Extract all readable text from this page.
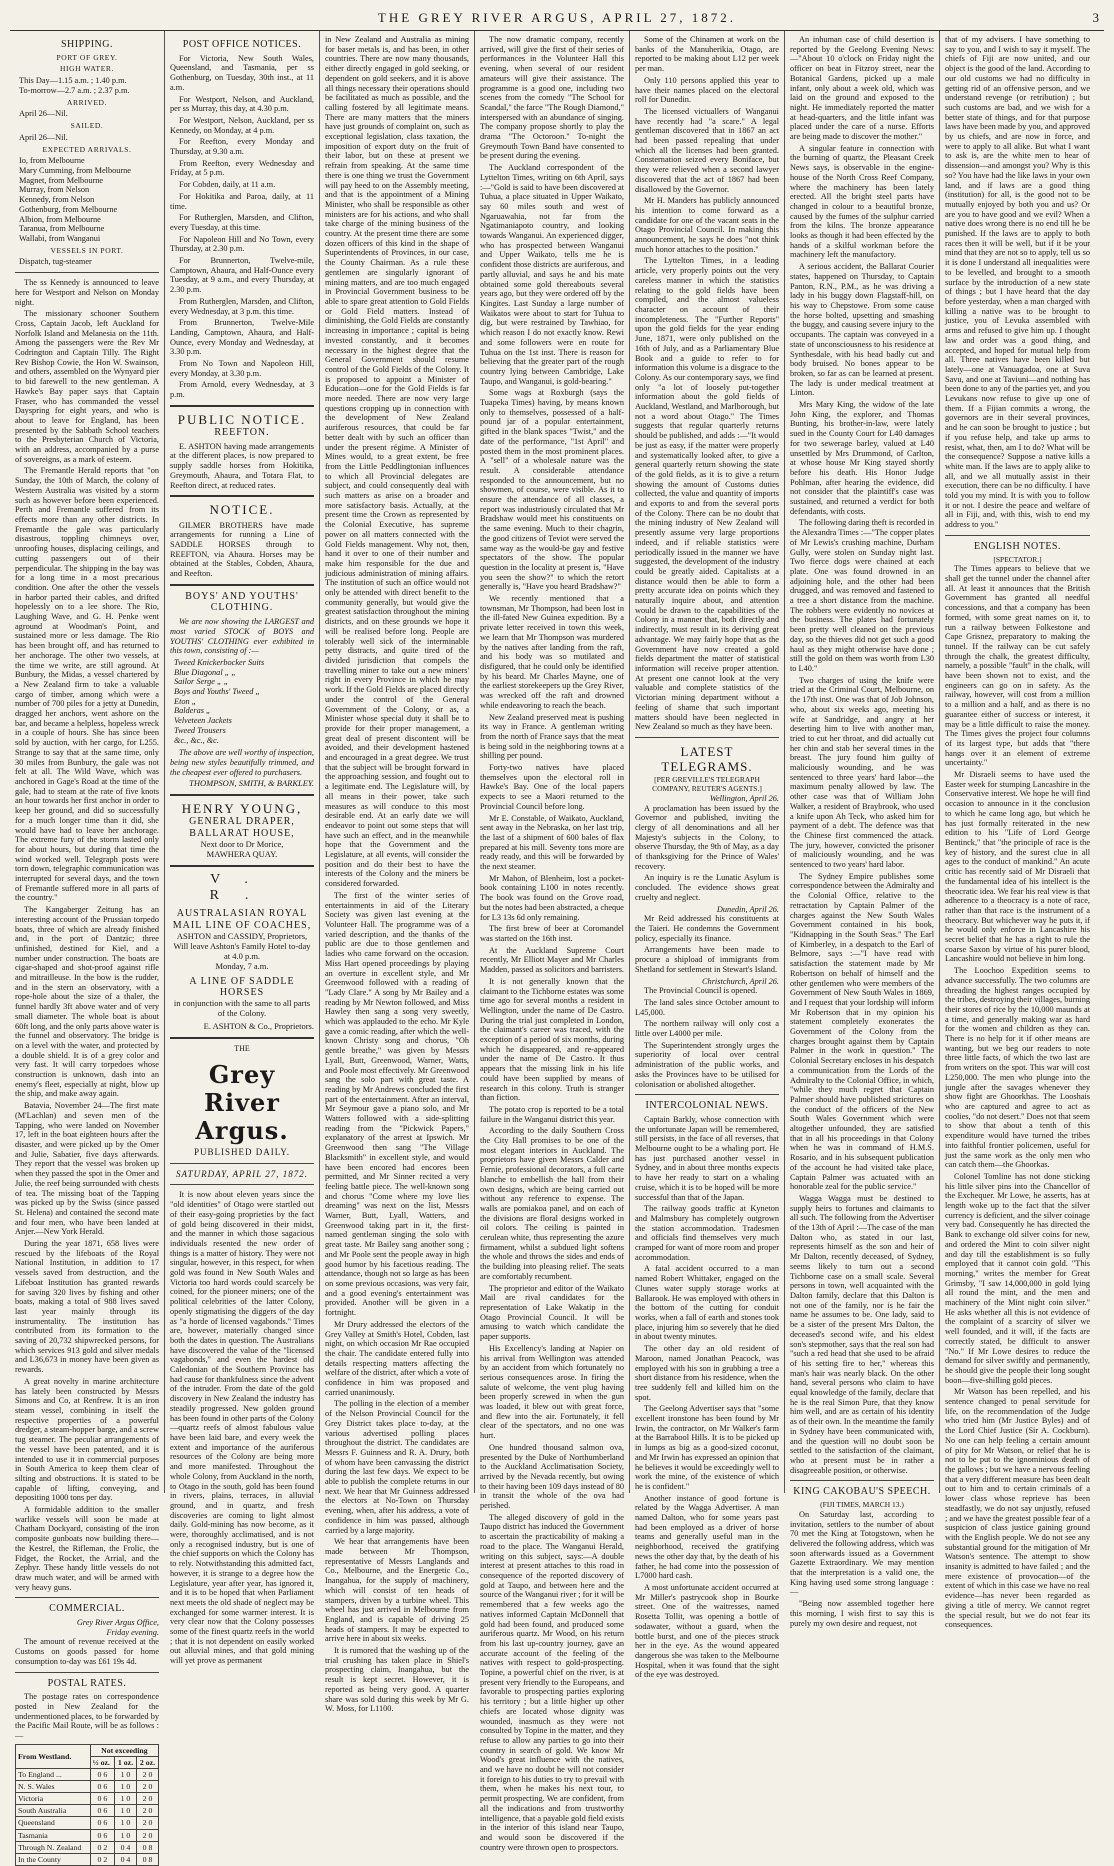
THE GREY RIVER ARGUS, APRIL 27, 1872.	3
SHIPPING.
PORT OF GREY.
HIGH WATER.
This Day—1.15 a.m. ; 1.40 p.m.
To-morrow—2.7 a.m. ; 2.37 p.m.
ARRIVED.
April 26—Nil.
SAILED.
April 26—Nil.
EXPECTED ARRIVALS.
Io, from Melbourne
Mary Cumming, from Melbourne
Magnet, from Melbourne
Murray, from Nelson
Kennedy, from Nelson
Gothenburg, from Melbourne
Albion, from Melbourne
Taranua, from Melbourne
Wallabi, from Wanganui
VESSELS IN PORT.
Dispatch, tug-steamer

The ss Kennedy is announced to leave here for Westport and Nelson on Monday night.

The missionary schooner Southern Cross, Captain Jacob, left Auckland for Norfolk Island and Melanesia on the 11th. Among the passengers were the Rev Mr Codrington and Captain Tilly. The Right Rev Bishop Cowie, the Hon W. Swainson, and others, assembled on the Wynyard pier to bid farewell to the new gentleman. A Hawke's Bay paper says that Captain Fraser, who has commanded the vessel Dayspring for eight years, and who is about to leave for England, has been presented by the Sabbath School teachers to the Presbyterian Church of Victoria, with an address, accompanied by a purse of sovereigns, as a mark of esteem.

The Fremantle Herald reports that "on Sunday, the 10th of March, the colony of Western Australia was visited by a storm such as however before been experienced. Perth and Fremantle suffered from its effects more than any other districts. In Fremantle the gale was particularly disastrous, toppling chimneys over, unroofing houses, displacing ceilings, and cutting passengers out of their perpendicular. The shipping in the bay was for a long time in a most precarious condition. One after the other the vessels in harbor parted their cables, and drifted hopelessly on to a lee shore. The Rio, Laughing Wave, and G. H. Penke went aground at Woodman's Point, and sustained more or less damage. The Rio has been brought off, and has returned to her anchorage. The other two vessels, at the time we write, are still aground. At Bunbury, the Midas, a vessel chartered by a New Zealand firm to take a valuable cargo of timber, among which were a number of 700 piles for a jetty at Dunedin, dragged her anchors, went ashore on the bar, and became a helpless, hopeless wreck in a couple of hours. She has since been sold by auction, with her cargo, for L255. Strange to say that at the same time, only 30 miles from Bunbury, the gale was not felt at all. The Wild Wave, which was anchored in Gage's Road at the time of the gale, had to steam at the rate of five knots an hour towards her first anchor in order to keep her ground, and did so successfully for a much longer time than it did, she would have had to leave her anchorage. The extreme fury of the storm lasted only for about hours, but during that time the wind worked well. Telegraph posts were torn down, telegraphic communication was interrupted for several days, and the town of Fremantle suffered more in all parts of the country."

The Kangaberger Zeitung has an interesting account of the Prussian torpedo boats, three of which are already finished and, in the port of Dantzic; three unfinished, destined for Kiel, and a number under construction. The boats are cigar-shaped and shot-proof against rifle and mitrailleuse. In the bow is the rudder, and in the stern an observatory, with a rope-hole about the size of a thaler, the funnel hardly 3ft above water and of very small diameter. The whole boat is about 60ft long, and the only parts above water is the funnel and observatory. The bridge is on a level with the water, and protected by a double shield. It is of a grey color and very fast. It will carry torpedoes whose construction is unknown, dash into an enemy's fleet, especially at night, blow up the ship, and make away again.

Batavia, November 24—The first mate (M'Lachlan) and seven men of the Tapping, who were landed on November 17, left in the boat eighteen hours after the disaster, and were picked up by the Omer and Julie, Sabatier, five days afterwards. They report that the vessel was broken up when they passed the spot in the Omer and Julie, the reef being surrounded with chests of tea. The missing boat of the Tapping was picked up by the Swiss (since passed St. Helena) and contained the second mate and four men, who have been landed at Anjer.—New York Herald.

During the year 1871, 658 lives were rescued by the lifeboats of the Royal National Institution, in addition to 17 vessels saved from destruction, and the Lifeboat Institution has granted rewards for saving 320 lives by fishing and other boats, making a total of 988 lives saved last year mainly through its instrumentality. The institution has contributed from its formation to the saving of 20,732 shipwrecked persons, for which services 913 gold and silver medals and L36,673 in money have been given as rewards.

A great novelty in marine architecture has lately been constructed by Messrs Simons and Co, at Renfrew. It is an iron steam vessel, combining in itself the respective properties of a powerful dredger, a steam-hopper barge, and a screw tug steamer. The peculiar arrangements of the vessel have been patented, and it is intended to use it in commercial purposes in South America to keep them clear of silting and obstructions. It is stated to be capable of lifting, conveying, and depositing 1000 tons per day.

A formidable addition to the smaller warlike vessels will soon be made at Chatham Dockyard, consisting of the iron composite gunboats now building there—the Kestrel, the Rifleman, the Frolic, the Fidget, the Rocket, the Arrial, and the Zephyr. These handy little vessels do not draw much water, and will be armed with very heavy guns.

COMMERCIAL.
Grey River Argus Office,
Friday evening.

The amount of revenue received at the Customs on goods passed for home consumption to-day was £61 19s 4d.

POSTAL RATES.

The postage rates on correspondence posted in New Zealand for the undermentioned places, to be forwarded by the Pacific Mail Route, will be as follows :—

From Westland.	Not exceeding		
	½ oz.	1 oz.	2 oz.
To England ...	0 6	1 0	2 0
N. S. Wales	0 6	1 0	2 0
Victoria	0 6	1 0	2 0
South Australia	0 6	1 0	2 0
Queensland	0 6	1 0	2 0
Tasmania	0 6	1 0	2 0
Through N. Zealand	0 2	0 4	0 8
In the County	0 2	0 4	0 8
POST OFFICE NOTICES.

For Victoria, New South Wales, Queensland, and Tasmania, per ss Gothenburg, on Tuesday, 30th inst., at 11 a.m.

For Westport, Nelson, and Auckland, per ss Murray, this day, at 4.30 p.m.

For Westport, Nelson, Auckland, per ss Kennedy, on Monday, at 4 p.m.

For Reefton, every Monday and Thursday, at 9.30 a.m.

From Reefton, every Wednesday and Friday, at 5 p.m.

For Cobden, daily, at 11 a.m.

For Hokitika and Paroa, daily, at 11 time.

For Rutherglen, Marsden, and Clifton, every Tuesday, at this time.

For Napoleon Hill and No Town, every Thursday, at 2.30 p.m.

For Brunnerton, Twelve-mile, Camptown, Ahaura, and Half-Ounce every Tuesday, at 9 a.m., and every Thursday, at 2.30 p.m.

From Rutherglen, Marsden, and Clifton, every Wednesday, at 3 p.m. this time.

From Brunnerton, Twelve-Mile Landing, Camptown, Ahaura, and Half-Ounce, every Monday and Wednesday, at 3.30 p.m.

From No Town and Napoleon Hill, every Monday, at 3.30 p.m.

From Arnold, every Wednesday, at 3 p.m.

PUBLIC NOTICE.
REEFTON.

E. ASHTON having made arrangements at the different places, is now prepared to supply saddle horses from Hokitika, Greymouth, Ahaura, and Totara Flat, to Reefton direct, at reduced rates.

NOTICE.

GILMER BROTHERS have made arrangements for running a Line of SADDLE HORSES through to REEFTON, via Ahaura. Horses may be obtained at the Stables, Cobden, Ahaura, and Reefton.

BOYS' AND YOUTHS' CLOTHING.

We are now showing the LARGEST and most varied STOCK of BOYS and YOUTHS' CLOTHING ever exhibited in this town, consisting of :—

Tweed Knickerbocker Suits
Blue Diagonal „ „
Sailor Serge „ „
Boys and Youths' Tweed „
Eton „
Balderas „
Velveteen Jackets
Tweed Trousers
&c., &c., &c.

The above are well worthy of inspection, being new styles beautifully trimmed, and the cheapest ever offered to purchasers.

THOMPSON, SMITH, & BARKLEY.
HENRY YOUNG,
GENERAL DRAPER,
BALLARAT HOUSE,
Next door to Dr Morice,
MAWHERA QUAY.
V. R.
AUSTRALASIAN ROYAL MAIL LINE OF COACHES,
ASHTON and CASSIDY, Proprietors,
Will leave Ashton's Family Hotel to-day at 4.0 p.m.
Monday, 7 a.m.
A LINE OF SADDLE HORSES
in conjunction with the same to all parts of the Colony.
E. ASHTON & Co., Proprietors.
THE
Grey River Argus.
PUBLISHED DAILY.
SATURDAY, APRIL 27, 1872.

It is now about eleven years since the "old identities" of Otago were startled out of their easy-going proprieties by the fact of gold being discovered in their midst, and the manner in which those sagacious individuals resented the new order of things is a matter of history. They were not singular, however, in this respect, for when gold was found in New South Wales and Victoria too hard words could scarcely be coined, for the pioneer miners; one of the political celebrities of the latter Colony, openly stigmatising the diggers of the day as "a horde of licensed vagabonds." Times are, however, materially changed since both the dates in question. The Australians have discovered the value of the "licensed vagabonds," and even the hardest old Caledonian of the Southern Province has had cause for thankfulness since the advent of the intruder. From the date of the gold discovery in New Zealand the industry has steadily progressed. New golden ground has been found in other parts of the Colony—quartz reefs of almost fabulous value have been laid bare, and every week the extent and importance of the auriferous resources of the Colony are being more and more manifested. Throughout the whole Colony, from Auckland in the north, to Otago in the south, gold has been found in rivers, plains, terraces, in alluvial ground, and in quartz, and fresh discoveries are coming to light almost daily. Gold-mining has now become, as it were, thoroughly acclimatised, and is not only a recognised industry, but is one of the chief supports on which the Colony has to rely. Notwithstanding this admitted fact, however, it is strange to a degree how the Legislature, year after year, has ignored it, and it is to be hoped that when Parliament next meets the old shade of neglect may be exchanged for some warmer interest. It is very clear now that the Colony possesses some of the finest quartz reefs in the world ; that it is not dependent on easily worked out alluvial mines, and that gold mining will yet prove as permanent

in New Zealand and Australia as mining for baser metals is, and has been, in other countries. There are now many thousands, either directly engaged in gold seeking, or dependent on gold seekers, and it is above all things necessary their operations should be facilitated as much as possible, and the calling fostered by all legitimate means. There are many matters that the miners have just grounds of complaint on, such as exceptional legislation, class taxation, the imposition of export duty on the fruit of their labor, but on these at present we refrain from speaking. At the same time there is one thing we trust the Government will pay heed to on the Assembly meeting, and that is the appointment of a Mining Minister, who shall be responsible as other ministers are for his actions, and who shall take charge of the mining business of the country. At the present time there are some dozen officers of this kind in the shape of Superintendents of Provinces, in our case, the County Chairman. As a rule these gentlemen are singularly ignorant of mining matters, and are too much engaged in Provincial Government business to be able to spare great attention to Gold Fields or Gold Field matters. Instead of diminishing, the Gold Fields are constantly increasing in importance ; capital is being invested constantly, and it becomes necessary in the highest degree that the General Government should resume control of the Gold Fields of the Colony. It is proposed to appoint a Minister of Education—one for the Gold Fields is far more needed. There are now very large questions cropping up in connection with the development of New Zealand auriferous resources, that could be far better dealt with by such an officer than under the present régime. A Minister of Mines would, to a great extent, be free from the Little Peddlingtonian influences to which all Provincial delegates are subject, and could consequently deal with such matters as arise on a broader and more satisfactory basis. Actually, at the present time the Crown as represented by the Colonial Executive, has supreme power on all matters connected with the Gold Fields management. Why not, then, hand it over to one of their number and make him responsible for the due and judicious administration of mining affairs. The institution of such an office would not only be attended with direct benefit to the community generally, but would give the greatest satisfaction throughout the mining districts, and on these grounds we hope it will be realised before long. People are tolerably well sick of the interminable petty distracts, and quite tired of the divided jurisdiction that compels the travelling miner to take out a new miners' right in every Province in which he may work. If the Gold Fields are placed directly under the control of the General Government of the Colony, or as, a Minister whose special duty it shall be to provide for their proper management, a great deal of present discontent will be avoided, and their development hastened and encouraged in a great degree. We trust that the subject will be brought forward in the approaching session, and fought out to a legitimate end. The Legislature will, by all means in their power, take such measures as will conduce to this most desirable end. At an early date we will endeavor to point out some steps that will have such an effect, and in the meanwhile hope that the Government and the Legislature, at all events, will consider the position and do their best to have the interests of the Colony and the miners be considered forwarded.

The first of the winter series of entertainments in aid of the Literary Society was given last evening at the Volunteer Hall. The programme was of a varied description, and the thanks of the public are due to those gentlemen and ladies who came forward on the occasion. Miss Hart opened proceedings by playing an overture in excellent style, and Mr Greenwood followed with a reading of "Lady Clare." A song by Mr Bailey and a reading by Mr Newton followed, and Miss Hawley then sang a song very sweetly, which was applauded to the echo. Mr Kyle gave a comic reading, after which the well-known Christy song and chorus, "Oh gentle breathe," was given by Messrs Lyall, Butt, Greenwood, Warner, Watts, and Poole most effectively. Mr Greenwood sang the solo part with great taste. A reading by Mr Andrews concluded the first part of the entertainment. After an interval, Mr Seymour gave a piano solo, and Mr Watters followed with a side-splitting reading from the "Pickwick Papers," explanatory of the arrest at Ipswich. Mr Greenwood then sang "The Village Blacksmith" in excellent style, and would have been encored had encores been permitted, and Mr Sinner recited a very feeling battle piece. The well-known song and chorus "Come where my love lies dreaming" was next on the list, Messrs Warner, Butt, Lyall, Watters, and Greenwood taking part in it, the first-named gentleman singing the solo with great taste. Mr Bailey sang another song ; and Mr Poole sent the people away in high good humor by his facetious reading. The attendance, though not so large as has been on some previous occasions, was very fair, and a good evening's entertainment was provided. Another will be given in a fortnight.

Mr Drury addressed the electors of the Grey Valley at Smith's Hotel, Cobden, last night, on which occasion Mr Rae occupied the chair. The candidate entered fully into details respecting matters affecting the welfare of the district, after which a vote of confidence in him was proposed and carried unanimously.

The polling in the election of a member of the Nelson Provincial Council for the Grey District takes place to-day, at the various advertised polling places throughout the district. The candidates are Messrs F. Guinness and R. A. Drury, both of whom have been canvassing the district during the last few days. We expect to be able to publish the complete returns in our next. We hear that Mr Guinness addressed the electors at No-Town on Thursday evening, when, after his address, a vote of confidence in him was passed, although carried by a large majority.

We hear that arrangements have been made between Mr Thompson, representative of Messrs Langlands and Co., Melbourne, and the Energetic Co., Inangahua, for the supply of machinery, which will consist of ten heads of stampers, driven by a turbine wheel. This wheel has just arrived in Melbourne from England, and is capable of driving 25 heads of stampers. It may be expected to arrive here in about six weeks.

It is rumored that the washing up of the trial crushing has taken place in Shiel's prospecting claim, Inangahua, but the result is kept secret. However, it is reported as being very good. A quarter share was sold during this week by Mr G. W. Moss, for L1100.

The now dramatic company, recently arrived, will give the first of their series of performances in the Volunteer Hall this evening, when several of our resident amateurs will give their assistance. The programme is a good one, including two scenes from the comedy "The School for Scandal," the farce "The Rough Diamond," interspersed with an abundance of singing. The company propose shortly to play the drama "The Octoroon." To-night the Greymouth Town Band have consented to be present during the evening.

The Auckland correspondent of the Lyttelton Times, writing on 6th April, says :—"Gold is said to have been discovered at Tuhua, a place situated in Upper Waikato, say 60 miles south and west of Ngaruawahia, not far from the Ngatimaniapoto country, and looking towards Wanganui. An experienced digger, who has prospected between Wanganui and Upper Waikato, tells me he is confident those districts are auriferous, and partly alluvial, and says he and his mate obtained some gold thereabouts several years ago, but they were ordered off by the Kingites. Last Sunday a large number of Waikatos were about to start for Tuhua to dig, but were restrained by Tawhiao, for which reason I do not exactly know. Rewi and some followers were en route for Tuhua on the 1st inst. There is reason for believing that the greater part of the rough country lying between Cambridge, Lake Taupo, and Wanganui, is gold-bearing."

Some wags at Roxburgh (says the Tuapeka Times) having, by means known only to themselves, possessed of a half-pound jar of a popular entertainment, gifted in the blank spaces "Twist," and the date of the performance, "1st April" and posted them in the most prominent places. A "sell" of a wholesale nature was the result. A considerable attendance responded to the announcement, but no showmen, of course, were visible. As it to ensure the attendance of all classes, a report was industriously circulated that Mr Bradshaw would meet his constituents on the same evening. Much to their chagrin, the good citizens of Teviot were served the same way as the would-be gay and festive spectators of the show. The popular question in the locality at present is, "Have you seen the show?" to which the retort generally is, "Have you heard Bradshaw?"

We recently mentioned that a townsman, Mr Thompson, had been lost in the ill-fated New Guinea expedition. By a private letter received in town this week, we learn that Mr Thompson was murdered by the natives after landing from the raft, and his body was so mutilated and disfigured, that he could only be identified by his beard. Mr Charles Mayne, one of the earliest storekeepers up the Grey River, was wrecked off the raft and drowned while endeavoring to reach the beach.

New Zealand preserved meat is pushing its way in France. A gentleman writing from the north of France says that the meat is being sold in the neighboring towns at a shilling per pound.

Forty-two natives have placed themselves upon the electoral roll in Hawke's Bay. One of the local papers expects to see a Maori returned to the Provincial Council before long.

Mr E. Constable, of Waikato, Auckland, sent away in the Nebraska, on her last trip, the last of a shipment of 600 bales of flax prepared at his mill. Seventy tons more are ready ready, and this will be forwarded by the next steamer.

Mr Mahon, of Blenheim, lost a pocket-book containing L100 in notes recently. The book was found on the Grove road, but the notes had been abstracted, a cheque for L3 13s 6d only remaining.

The first brew of beer at Coromandel was started on the 16th inst.

At the Auckland Supreme Court recently, Mr Elliott Mayer and Mr Charles Madden, passed as solicitors and barristers.

It is not generally known that the claimant to the Tichborne estates was some time ago for several months a resident in Wellington, under the name of De Castro. During the trial just completed in London, the claimant's career was traced, with the exception of a period of six months, during which he disappeared, and re-appeared under the name of De Castro. It thus appears that the missing link in his life could have been supplied by means of research in this colony. Truth is stranger than fiction.

The potato crop is reported to be a total failure in the Wanganui district this year.

According to the daily Southern Cross the City Hall promises to be one of the most elegant interiors in Auckland. The proprietors have given Messrs Calder and Fernie, professional decorators, a full carte blanche to embellish the hall from their own designs, which are being carried out without any reference to expense. The walls are pomiakoa panel, and on each of the divisions are floral designs worked in oil colors. The ceiling is painted in cerulean white, thus representing the azure firmament, whilst a subdued light softens the whole and throws the sides and ends of the building into pleasing relief. The seats are comfortably recumbent.

The proprietor and editor of the Waikato Mail are rival candidates for the representation of Lake Wakatip in the Otago Provincial Council. It will be amusing to watch which candidate the paper supports.

His Excellency's landing at Napier on his arrival from Wellington was attended by an accident from which fortunately no serious consequences arose. In firing the salute of welcome, the vent plug having been properly screwed in when the gun was loaded, it blew out with great force, and flew into the air. Fortunately, it fell clear of the spectators, and no one was hurt.

One hundred thousand salmon ova, presented by the Duke of Northumberland to the Auckland Acclimatisation Society, arrived by the Nevada recently, but owing to their having been 109 days instead of 80 in transit the whole of the ova had perished.

The alleged discovery of gold in the Taupo district has induced the Government to ascertain the practicability of making a road to the place. The Wanganui Herald, writing on this subject, says:—A double interest at present attaches to this road in consequence of the reported discovery of gold at Taupo, and between here and the source of the Wanganui river ; for it will be remembered that a few weeks ago the natives informed Captain McDonnell that gold had been found, and produced some auriferous quartz. Mr Wood, on his return from his last up-country journey, gave an accurate account of the feeling of the natives with respect to gold-prospecting. Topine, a powerful chief on the river, is at present very friendly to the Europeans, and favorable to prospecting parties exploring his territory ; but a little higher up other chiefs are located whose dignity was wounded, inasmuch as they were not consulted by Topine in the matter, and they refuse to allow any parties to go into their country in search of gold. We know Mr Wood's great influence with the natives, and we have no doubt he will not consider it foreign to his duties to try to prevail with them, when he makes his next tour, to permit prospecting. We are confident, from all the indications and from trustworthy intelligence, that a payable gold field exists in the interior of this island near Taupo, and would soon be discovered if the country were thrown open to prospectors.

Some of the Chinamen at work on the banks of the Manuherikia, Otago, are reported to be making about L12 per week per man.

Only 110 persons applied this year to have their names placed on the electoral roll for Dunedin.

The licensed victuallers of Wanganui have recently had "a scare." A legal gentleman discovered that in 1867 an act had been passed repealing that under which all the licenses had been granted. Consternation seized every Boniface, but they were relieved when a second lawyer discovered that the act of 1867 had been disallowed by the Governor.

Mr H. Manders has publicly announced his intention to come forward as a candidate for one of the vacant seats in the Otago Provincial Council. In making this announcement, he says he does "not think much honor attaches to the position."

The Lyttelton Times, in a leading article, very properly points out the very careless manner in which the statistics relating to the gold fields have been compiled, and the almost valueless character on account of their incompleteness. The "Further Reports" upon the gold fields for the year ending June, 1871, were only published on the 16th of July, and as a Parliamentary Blue Book and a guide to refer to for information this volume is a disgrace to the Colony. As our contemporary says, we find only "a lot of loosely put-together information about the gold fields of Auckland, Westland, and Marlborough, but not a word about Otago." The Times suggests that regular quarterly returns should be published, and adds :—"It would be just as easy, if the matter were properly and systematically looked after, to give a general quarterly return showing the state of the gold fields, as it is to give a return showing the amount of Customs duties collected, the value and quantity of imports and exports to and from the several ports of the Colony. There can be no doubt that the mining industry of New Zealand will presently assume very large proportions indeed, and if reliable statistics were periodically issued in the manner we have suggested, the development of the industry could be greatly aided. Capitalists at a distance would then be able to form a pretty accurate idea on points which they naturally inquire about, and attention would be drawn to the capabilities of the Colony in a manner that, both directly and indirectly, must result in its deriving great advantage. We may fairly hope that as the Government have now created a gold fields department the matter of statistical information will receive proper attention. At present one cannot look at the very valuable and complete statistics of the Victorian mining department without a feeling of shame that such important matters should have been neglected in New Zealand so much as they have been.

LATEST TELEGRAMS.
[PER GREVILLE'S TELEGRAPH COMPANY, REUTER'S AGENTS.]
Wellington, April 26.

A proclamation has been issued by the Governor and published, inviting the clergy of all denominations and all her Majesty's subjects in the Colony, to observe Thursday, the 9th of May, as a day of thanksgiving for the Prince of Wales' recovery.

An inquiry is re the Lunatic Asylum is concluded. The evidence shows great cruelty and neglect.

Dunedin, April 26.

Mr Reid addressed his constituents at the Taieri. He condemns the Government policy, especially its finance.

Arrangements have been made to procure a shipload of immigrants from Shetland for settlement in Stewart's Island.

Christchurch, April 26.

The Provincial Council is opened.

The land sales since October amount to L45,000.

The northern railway will only cost a little over L4000 per mile.

The Superintendent strongly urges the superiority of local over central administration of the public works, and asks the Provinces have to be utilised for colonisation or abolished altogether.

INTERCOLONIAL NEWS.

Captain Barkly, whose connection with the unfortunate Japan will be remembered, still persists, in the face of all reverses, that Melbourne ought to be a whaling port. He has just purchased another vessel in Sydney, and in about three months expects to have her ready to start on a whaling cruise, which it is to be hoped will be more successful than that of the Japan.

The railway goods traffic at Kyneton and Malmsbury has completely outgrown the station accommodation. Tradesmen and officials find themselves very much cramped for want of more room and proper accommodation.

A fatal accident occurred to a man named Robert Whittaker, engaged on the Clunes water supply storage works at Ballarook. He was employed with others in the bottom of the cutting for conduit works, when a fall of earth and stones took place, injuring him so severely that he died in about twenty minutes.

The other day an old resident of Maroon, named Jonathan Peacock, was employed with his son in grubbing a tree a short distance from his residence, when the tree suddenly fell and killed him on the spot.

The Geelong Advertiser says that "some excellent ironstone has been found by Mr Irwin, the contractor, on Mr Walker's farm at the Barrabool Hills. It is to be picked up in lumps as big as a good-sized coconut, and Mr Irwin has expressed an opinion that he believes it would be exceedingly well to work the mine, of the existence of which he is confident."

Another instance of good fortune is related by the Wagga Advertiser. A man named Dalton, who for some years past had been employed as a driver of horse teams and generally useful man in the neighborhood, received the gratifying news the other day that, by the death of his father, he had come into the possession of L7000 hard cash.

A most unfortunate accident occurred at Mr Miller's pastrycook shop in Bourke street. One of the waitresses, named Rosetta Tollit, was opening a bottle of sodawater, without a guard, when the bottle burst, and one of the pieces struck her in the eye. As the wound appeared dangerous she was taken to the Melbourne Hospital, when it was found that the sight of the eye was destroyed.

An inhuman case of child desertion is reported by the Geelong Evening News:—"About 10 o'clock on Friday night the officer on beat in Fitzroy street, near the Botanical Gardens, picked up a male infant, only about a week old, which was laid on the ground and exposed to the night. He immediately reported the matter at head-quarters, and the little infant was placed under the care of a nurse. Efforts are being made to discover the mother."

A singular feature in connection with the burning of quartz, the Pleasant Creek News says, is observable in the engine-house of the North Cross Reef Company, where the machinery has been lately erected. All the bright steel parts have changed in colour to a beautiful bronze, caused by the fumes of the sulphur carried from the kilns. The bronze appearance looks as though it had been effected by the hands of a skilful workman before the machinery left the manufactory.

A serious accident, the Ballarat Courier states, happened on Thursday, to Captain Panton, R.N., P.M., as he was driving a lady in his buggy down Flagstaff-hill, on his way to Chepstowe. From some cause the horse bolted, upsetting and smashing the buggy, and causing severe injury to the occupants. The captain was conveyed in a state of unconsciousness to his residence at Synthesdale, with his head badly cut and body bruised. No bones appear to be broken, so far as can be learned at present. The lady is under medical treatment at Linton.

Mrs Mary King, the widow of the late John King, the explorer, and Thomas Bunting, his brother-in-law, were lately sued in the County Court for L40 damages for two sewerage barley, valued at L40 unsettled by Mrs Drummond, of Carlton, at whose house Mr King stayed shortly before his death. His Honor Judge Pohlman, after hearing the evidence, did not consider that the plaintiff's case was sustained, and returned a verdict for both defendants, with costs.

The following daring theft is recorded in the Alexandra Times :—"The copper plates of Mr Lewis's crushing machine, Durham Gully, were stolen on Sunday night last. Two fierce dogs were chained at each plate. One was found drowned in an adjoining hole, and the other had been drugged, and was removed and fastened to a tree a short distance from the machine. The robbers were evidently no novices at the business. The plates had fortunately been pretty well cleaned on the previous day, so the thieves did not get such a good haul as they might otherwise have done ; still the gold on them was worth from L30 to L40."

Two charges of using the knife were tried at the Criminal Court, Melbourne, on the 17th inst. One was that of Job Johnson, who, about six weeks ago, meeting his wife at Sandridge, and angry at her deserting him to live with another man, tried to cut her throat, and did actually cut her chin and stab her several times in the breast. The jury found him guilty of maliciously wounding, and he was sentenced to three years' hard labor—the maximum penalty allowed by law. The other case was that of William John Walker, a resident of Braybrook, who used a knife upon Ah Teck, who asked him for payment of a debt. The defence was that the Chinese first commenced the attack. The jury, however, convicted the prisoner of maliciously wounding, and he was sentenced to two years' hard labor.

The Sydney Empire publishes some correspondence between the Admiralty and the Colonial Office, relative to the retractation by Captain Palmer of the charges against the New South Wales Government contained in his book, "Kidnapping in the South Seas." The Earl of Kimberley, in a despatch to the Earl of Belmore, says :—"I have read with satisfaction the statement made by Mr Robertson on behalf of himself and the other gentlemen who were members of the Government of New South Wales in 1869, and I request that your lordship will inform Mr Robertson that in my opinion his statement completely exonerates the Government of the Colony from the charges brought against them by Captain Palmer in the work in question." The Colonial Secretary encloses in his despatch a communication from the Lords of the Admiralty to the Colonial Office, in which, "while they much regret that Captain Palmer should have published strictures on the conduct of the officers of the New South Wales Government which were altogether unfounded, they are satisfied that in all his proceedings in that Colony when he was in command of H.M.S. Rosario, and in his subsequent publication of the account he had visited take place, Captain Palmer was actuated with an honorable zeal for the public service."

Wagga Wagga must be destined to supply heirs to fortunes and claimants to all such. The following from the Advertiser of the 13th of April :—The case of the man Dalton who, as stated in our last, represents himself as the son and heir of Mr Dalton, recently deceased, of Sydney, seems likely to turn out a second Tichborne case on a small scale. Several persons in town, well acquainted with the Dalton family, declare that this Dalton is not one of the family, nor is he fair the name he assumes to be. One lady, said to be a sister of the present Mrs Dalton, the deceased's second wife, and his eldest son's stepmother, says that the real son had "such a red head that she used to be afraid of his setting fire to her," whereas this man's hair was nearly black. On the other hand, several persons who claim to have equal knowledge of the family, declare that he is the real Simon Pure, that they know him well, and are as certain of his identity as of their own. In the meantime the family in Sydney have been communicated with, and the question will no doubt soon be settled to the satisfaction of the claimant, who at present must be in rather a disagreeable position, or otherwise.

KING CAKOBAU'S SPEECH.
(FIJI TIMES, MARCH 13.)

On Saturday last, according to invitation, settlers to the number of about 70 met the King at Totogstown, when he delivered the following address, which was soon afterwards issued as a Government Gazette Extraordinary. We may mention that the interpretation is a valid one, the King having used some strong language :—

"Being now assembled together here this morning, I wish first to say this is purely my own desire and request, not

that of my advisers. I have something to say to you, and I wish to say it myself. The chiefs of Fiji are now united, and our object is the good of the land. According to our old customs we had no difficulty in getting rid of an offensive person, and we understand revenge (or retribution) ; but such customs are bad, and we wish for a better state of things, and for that purpose laws have been made by you, and approved by us chiefs, and are now in force, and were to apply to all alike. But what I want to ask is, are the white men to hear of dissension—and amongst you? Why is this so? You have had the like laws in your own land, and if laws are a good thing (institution) for all, is the good not to be mutually enjoyed by both you and us? Or are you to have good and we evil? When a native does wrong there is no end till he be punished. If the laws are to apply to both races then it will be well, but if it be your mind that they are not so to apply, tell us so it is done I understand all inequalities were to be levelled, and brought to a smooth surface by the introduction of a new state of things ; but I have heard that the day before yesterday, when a man charged with killing a native was to be brought to justice, you of Levuka assembled with arms and refused to give him up. I thought law and order was a good thing, and accepted, and hoped for mutual help from all. Three natives have been killed but lately—one at Vanuagadoa, one at Suva Savu, and one at Taviuni—and nothing has been done to any of the parties yet, and you Levukans now refuse to give up one of them. If a Fijian commits a wrong, the governors are in their several provinces, and he can soon be brought to justice ; but if you refuse help, and take up arms to resist, what, then, am I to do? What will be the consequence? Suppose a native kills a white man. If the laws are to apply alike to all, and we all mutually assist in their execution, there can be no difficulty. I have told you my mind. It is with you to follow it or not. I desire the peace and welfare of all in Fiji, and, with this, wish to end my address to you."

ENGLISH NOTES.
[SPECTATOR.]

The Times appears to believe that we shall get the tunnel under the channel after all. At least it announces that the British Government has granted all needful concessions, and that a company has been formed, with some great names on it, to run a railway between Folkestone and Cape Grisnez, preparatory to making the tunnel. If the railway can be cut safely through the chalk, the greatest difficulty, namely, a possible "fault" in the chalk, will have been shown not to exist, and the engineers can go on in safety. As the railway, however, will cost from a million to a million and a half, and as there is no guarantee either of success or interest, it may be a little difficult to raise the money. The Times gives the project four columns of its largest type, but adds that "there hangs over it an element of extreme uncertainty."

Mr Disraeli seems to have used the Easter week for stumping Lancashire in the Conservative interest. We hope he will find occasion to announce in it the conclusion to which he came long ago, but which he has just formally reiterated in the new edition to his "Life of Lord George Bentinck," that "the principle of race is the key of history, and the surest clue in all ages to the conduct of mankind." An acute critic has recently said of Mr Disraeli that the fundamental idea of his intellect is the theocratic idea. We fear his real view is that adherence to a theocracy is a note of race, rather than that race is the instrument of a theocracy. But whichever way he puts it, if he would only enforce in Lancashire his secret belief that he has a right to rule the coarse Saxon by virtue of his purer blood, Lancashire would not believe in him long.

The Loochoo Expedition seems to advance successfully. The two columns are threading the highest ranges occupied by the tribes, destroying their villages, burning their stores of rice by the 10,000 maunds at a time, and generally making war as hard for the women and children as they can. There is no help for it if other means are wanting, but we beg our readers to note three little facts, of which the two last are from writers on the spot. This war will cost L250,000. The men who plunge into the jungle after the savages whenever they show fight are Ghoorkhas. The Looshais who are captured and agree to act as coolies, "do not desert." Does not that seem to show that about a tenth of this expenditure would have turned the tribes into faithful frontier policemen, useful for just the same work as the only men who can catch them—the Ghoorkas.

Colonel Tomline has not done sticking his little silver pins into the Chancellor of the Exchequer. Mr Lowe, he asserts, has at length woke up to the fact that the silver currency is deficient, and the silver coinage very bad. Consequently he has directed the Bank to exchange old silver coins for new, and ordered the Mint to coin silver night and day till the establishment is so fully employed that it cannot coin gold. "This morning," writes the member for Great Grimsby, "I saw 14,000,000 in gold lying all round the mint, and the men and machinery of the Mint night coin silver." He asks whether all this is not evidence of the complaint of a scarcity of silver we well founded, and it will, if the facts are correctly stated, be difficult to answer "No." If Mr Lowe desires to reduce the demand for silver swiftly and permanently, he should give the people their long sought boon—five-shilling gold pieces.

Mr Watson has been repelled, and his sentence changed to penal servitude for life, on the recommendation of the Judge who tried him (Mr Justice Byles) and of the Lord Chief Justice (Sir A. Cockburn). No one can help feeling a certain amount of pity for Mr Watson, or relief that he is not to be put to the ignominious death of the gallows ; but we have a nervous feeling that a very different measure has been dealt out to him and to certain criminals of a lower class whose reprieve has been steadfastly, we do not say unjustly, refused ; and we have the greatest possible fear of a suspicion of class justice gaining ground with the English people. We do not see any substantial ground for the mitigation of Mr Watson's sentence. The attempt to show insanity is admitted to have failed ; and the mere existence of provocation—of the extent of which in this case we have no real evidence—has never been regarded as giving a title of mercy. We cannot regret the special result, but we do not fear its consequences.
